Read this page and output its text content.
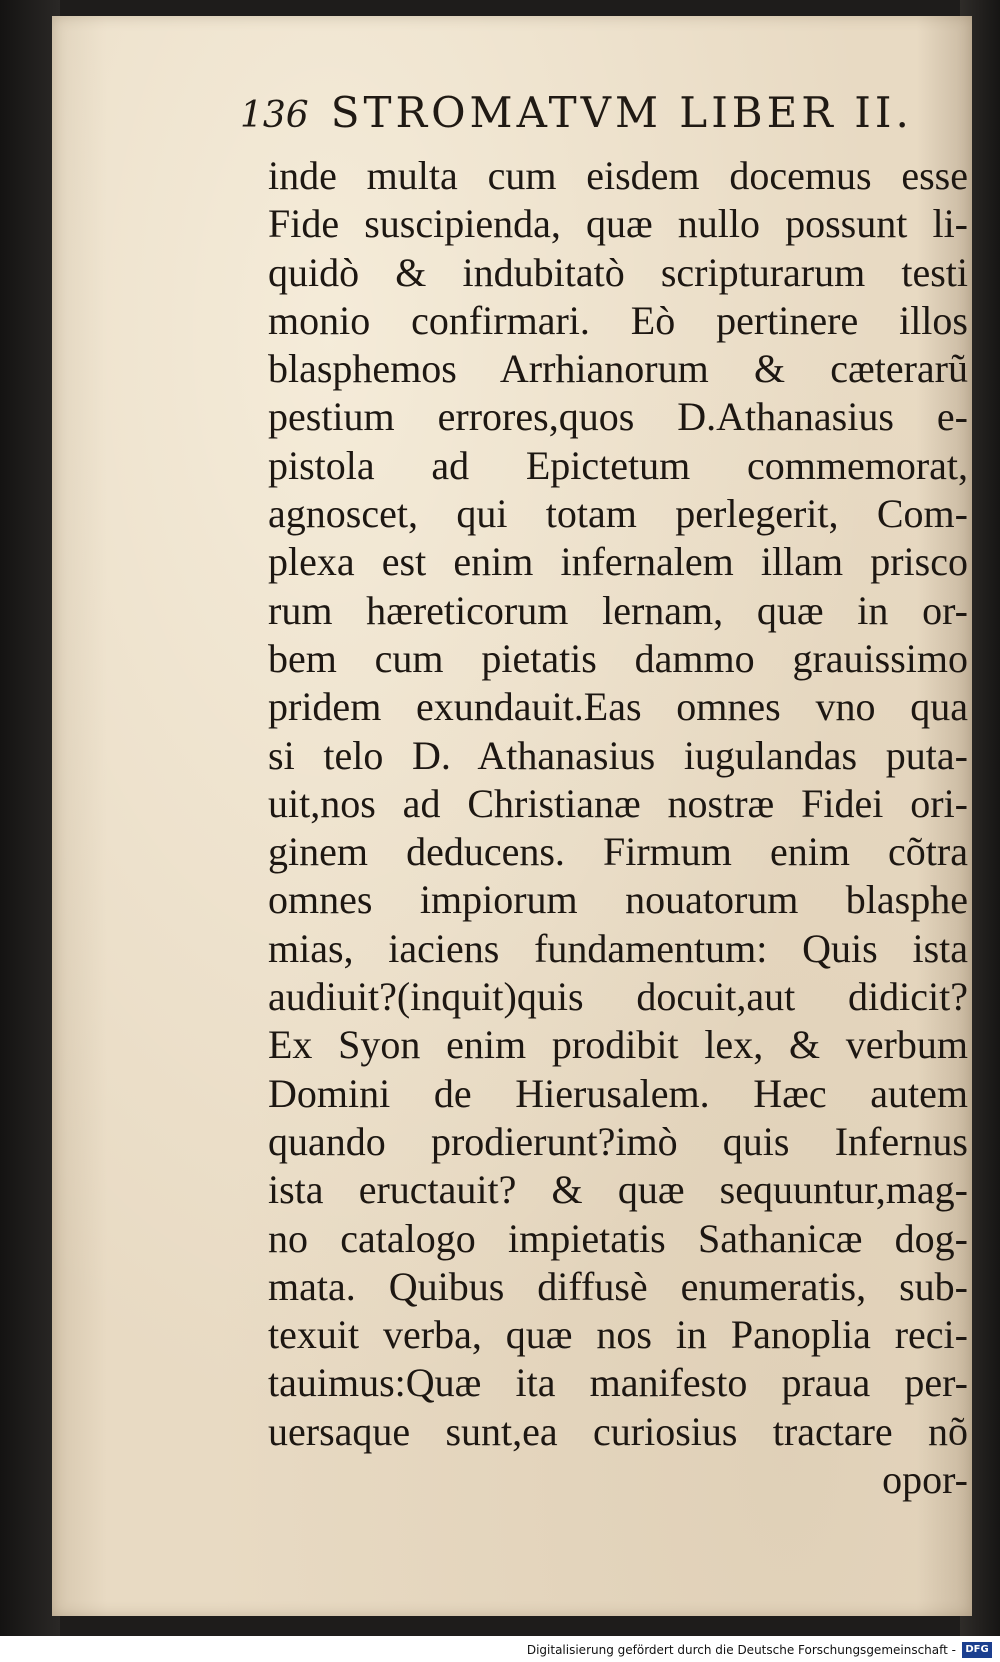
136 STROMATVM LIBER II.
inde multa cum eisdem docemus esse
Fide suscipienda, quæ nullo possunt li-
quidò & indubitatò scripturarum testi
monio confirmari. Eò pertinere illos
blasphemos Arrhianorum & cæterarũ
pestium errores,quos D.Athanasius e-
pistola ad Epictetum commemorat,
agnoscet, qui totam perlegerit, Com-
plexa est enim infernalem illam prisco
rum hæreticorum lernam, quæ in or-
bem cum pietatis dammo grauissimo
pridem exundauit.Eas omnes vno qua
si telo D. Athanasius iugulandas puta-
uit,nos ad Christianæ nostræ Fidei ori-
ginem deducens. Firmum enim cõtra
omnes impiorum nouatorum blasphe
mias, iaciens fundamentum: Quis ista
audiuit?(inquit)quis docuit,aut didicit?
Ex Syon enim prodibit lex, & verbum
Domini de Hierusalem. Hæc autem
quando prodierunt?imò quis Infernus
ista eructauit? & quæ sequuntur,mag-
no catalogo impietatis Sathanicæ dog-
mata. Quibus diffusè enumeratis, sub-
texuit verba, quæ nos in Panoplia reci-
tauimus:Quæ ita manifesto praua per-
uersaque sunt,ea curiosius tractare nõ
opor-
Digitalisierung gefördert durch die Deutsche Forschungsgemeinschaft - DFG
